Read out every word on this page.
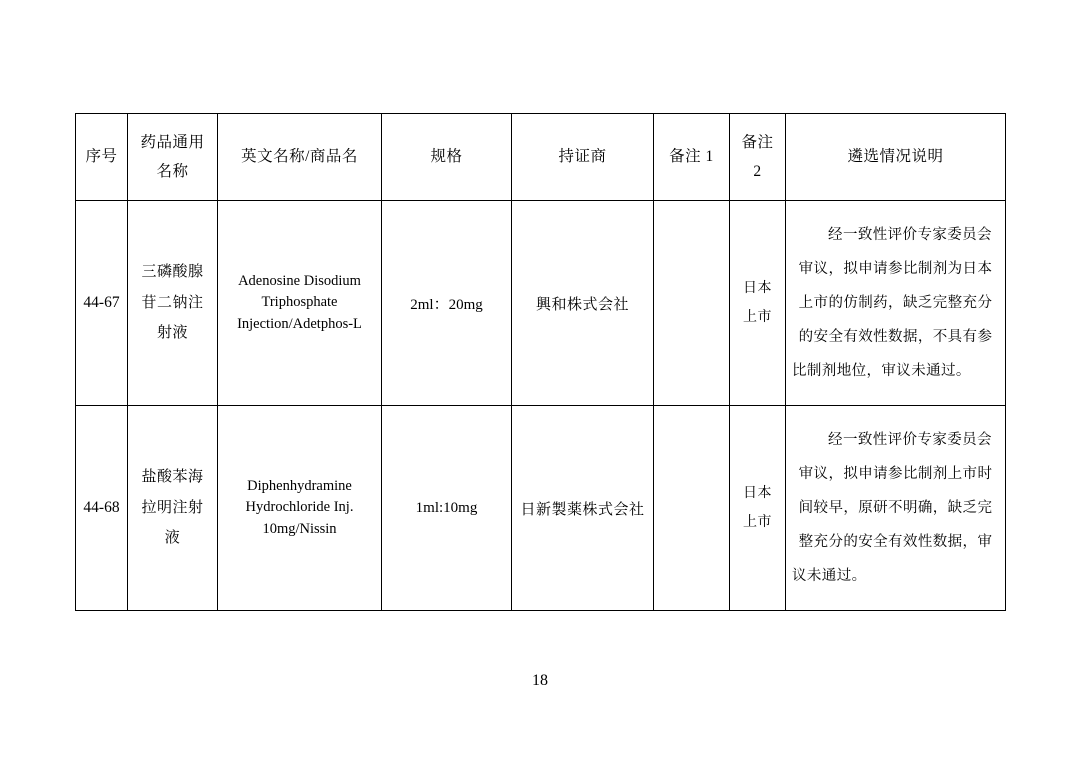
序号	药品通用名称	英文名称/商品名	规格	持证商	备注 1	备注 2	遴选情况说明
44-67	三磷酸腺苷二钠注射液	Adenosine Disodium Triphosphate Injection/Adetphos-L	2ml：20mg	興和株式会社		日本上市	经一致性评价专家委员会审议，拟申请参比制剂为日本上市的仿制药，缺乏完整充分的安全有效性数据，不具有参比制剂地位，审议未通过。

44-68	盐酸苯海拉明注射液	Diphenhydramine Hydrochloride Inj. 10mg/Nissin	1ml:10mg	日新製薬株式会社		日本上市	经一致性评价专家委员会审议，拟申请参比制剂上市时间较早，原研不明确，缺乏完整充分的安全有效性数据，审议未通过。
18
